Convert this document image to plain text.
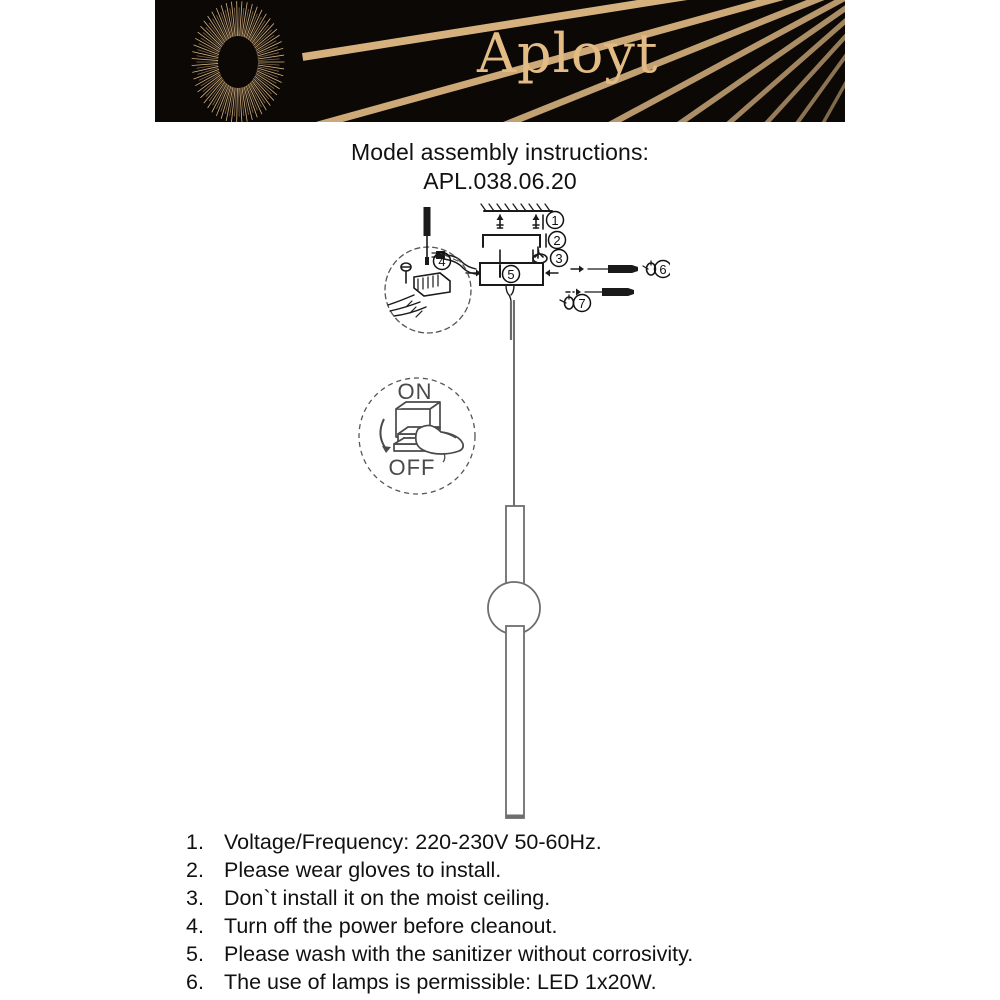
Aployt
Model assembly instructions:
APL.038.06.20
1
2
3
4
5	6
7
ON
OFF
1. Voltage/Frequency: 220-230V 50-60Hz.
2. Please wear gloves to install.
3. Don`t install it on the moist ceiling.
4. Turn off the power before cleanout.
5. Please wash with the sanitizer without corrosivity.
6. The use of lamps is permissible: LED 1x20W.
